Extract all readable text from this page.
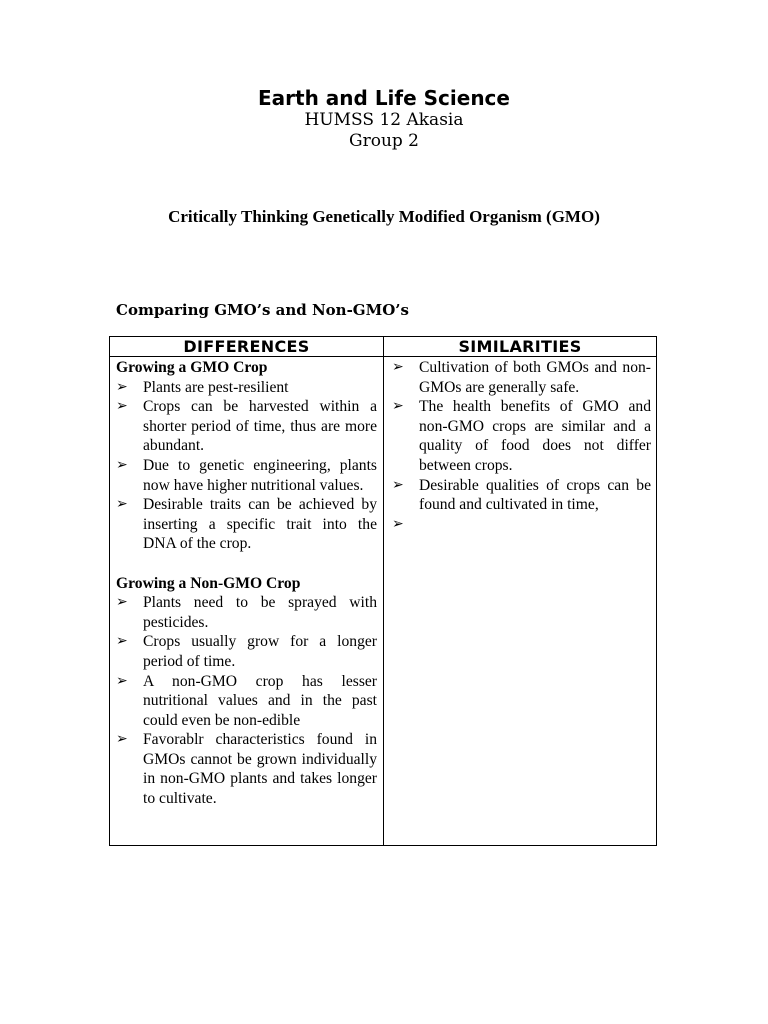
Earth and Life Science
HUMSS 12 Akasia
Group 2
Critically Thinking Genetically Modified Organism (GMO)
Comparing GMO’s and Non-GMO’s
DIFFERENCES	SIMILARITIES
Growing a GMO Crop
➢ Plants are pest-resilient
➢ Crops can be harvested within a shorter period of time, thus are more abundant.
➢ Due to genetic engineering, plants now have higher nutritional values.
➢ Desirable traits can be achieved by inserting a specific trait into the DNA of the crop.
Growing a Non-GMO Crop
➢ Plants need to be sprayed with pesticides.
➢ Crops usually grow for a longer period of time.
➢ A non-GMO crop has lesser nutritional values and in the past could even be non-edible
➢ Favorablr characteristics found in GMOs cannot be grown individually in non-GMO plants and takes longer to cultivate.
➢ Cultivation of both GMOs and non-GMOs are generally safe.
➢ The health benefits of GMO and non-GMO crops are similar and a quality of food does not differ between crops.
➢ Desirable qualities of crops can be found and cultivated in time,
➢
